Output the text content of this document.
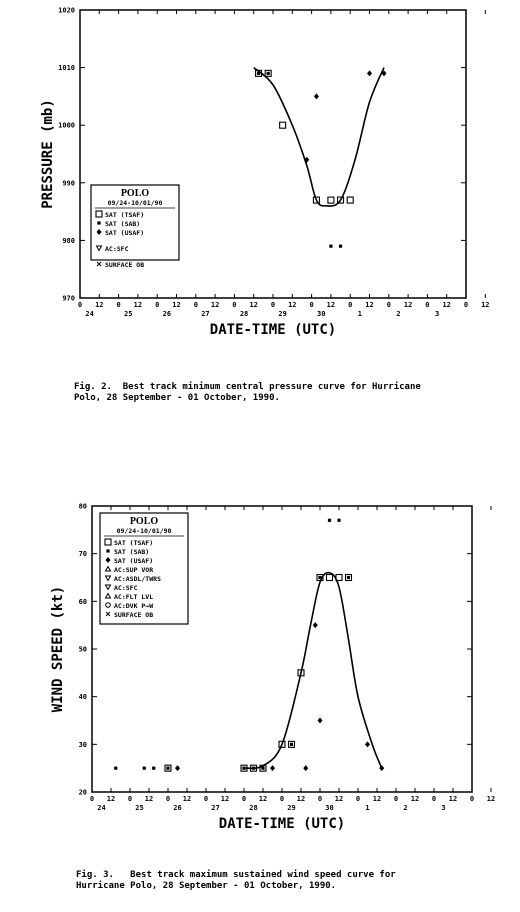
970
980
990
1000
1010
1020
0 12 0 12 0 12 0 12 0 12 0 12 0 12 0 12 0 12 0 12 0 12
24	25	26	27	28	29	30	1	2	3
PRESSURE (mb)
DATE-TIME (UTC)
POLO
09/24-10/01/90
SAT (TSAF)
SAT (SAB)
SAT (USAF)
AC:SFC
SURFACE OB
Fig. 2.  Best track minimum central pressure curve for Hurricane
Polo, 28 September - 01 October, 1990.
20
30
40
50
60
70
80
0 12 0 12 0 12 0 12 0 12 0 12 0 12 0 12 0 12 0 12 0 12
24	25	26	27	28	29	30	1	2	3
WIND SPEED (kt)
DATE-TIME (UTC)
POLO
09/24-10/01/90
SAT (TSAF)
SAT (SAB)
SAT (USAF)
AC:SUP VOR
AC:ASDL/TWRS
AC:SFC
AC:FLT LVL
AC:DVK P→W
SURFACE OB
Fig. 3.   Best track maximum sustained wind speed curve for
Hurricane Polo, 28 September - 01 October, 1990.
